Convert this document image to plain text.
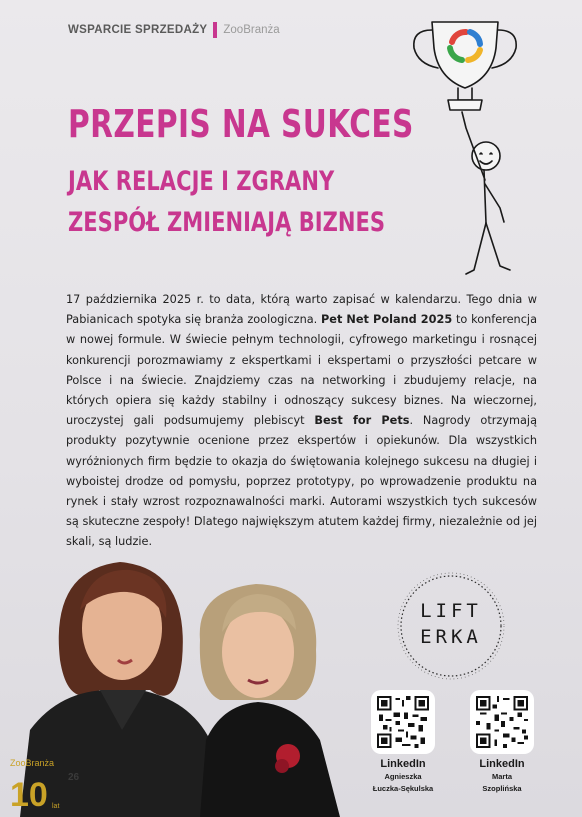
WSPARCIE SPRZEDAŻY ZooBranża
PRZEPIS NA SUKCES
JAK RELACJE I ZGRANY
ZESPÓŁ ZMIENIAJĄ BIZNES
17 października 2025 r. to data, którą warto zapisać w kalendarzu. Tego dnia w Pabianicach spotyka się branża zoologiczna. Pet Net Poland 2025 to konferencja w nowej formule. W świecie pełnym technologii, cyfrowego marketingu i rosnącej konkurencji porozmawiamy z ekspertkami i ekspertami o przyszłości petcare w Polsce i na świecie. Znajdziemy czas na networking i zbudujemy relacje, na których opiera się każdy stabilny i odnoszący sukcesy biznes. Na wieczornej, uroczystej gali podsumujemy plebiscyt Best for Pets. Nagrody otrzymają produkty pozytywnie ocenione przez ekspertów i opiekunów. Dla wszystkich wyróżnionych firm będzie to okazja do świętowania kolejnego sukcesu na długiej i wyboistej drodze od pomysłu, poprzez prototypy, po wprowadzenie produktu na rynek i stały wzrost rozpoznawalności marki. Autorami wszystkich tych sukcesów są skuteczne zespoły! Dlatego największym atutem każdej firmy, niezależnie od jej skali, są ludzie.
LIFT
ERKA
LinkedIn
Agnieszka
Łuczka-Sękulska
LinkedIn
Marta
Szoplińska
ZooBranża
10 lat
26
